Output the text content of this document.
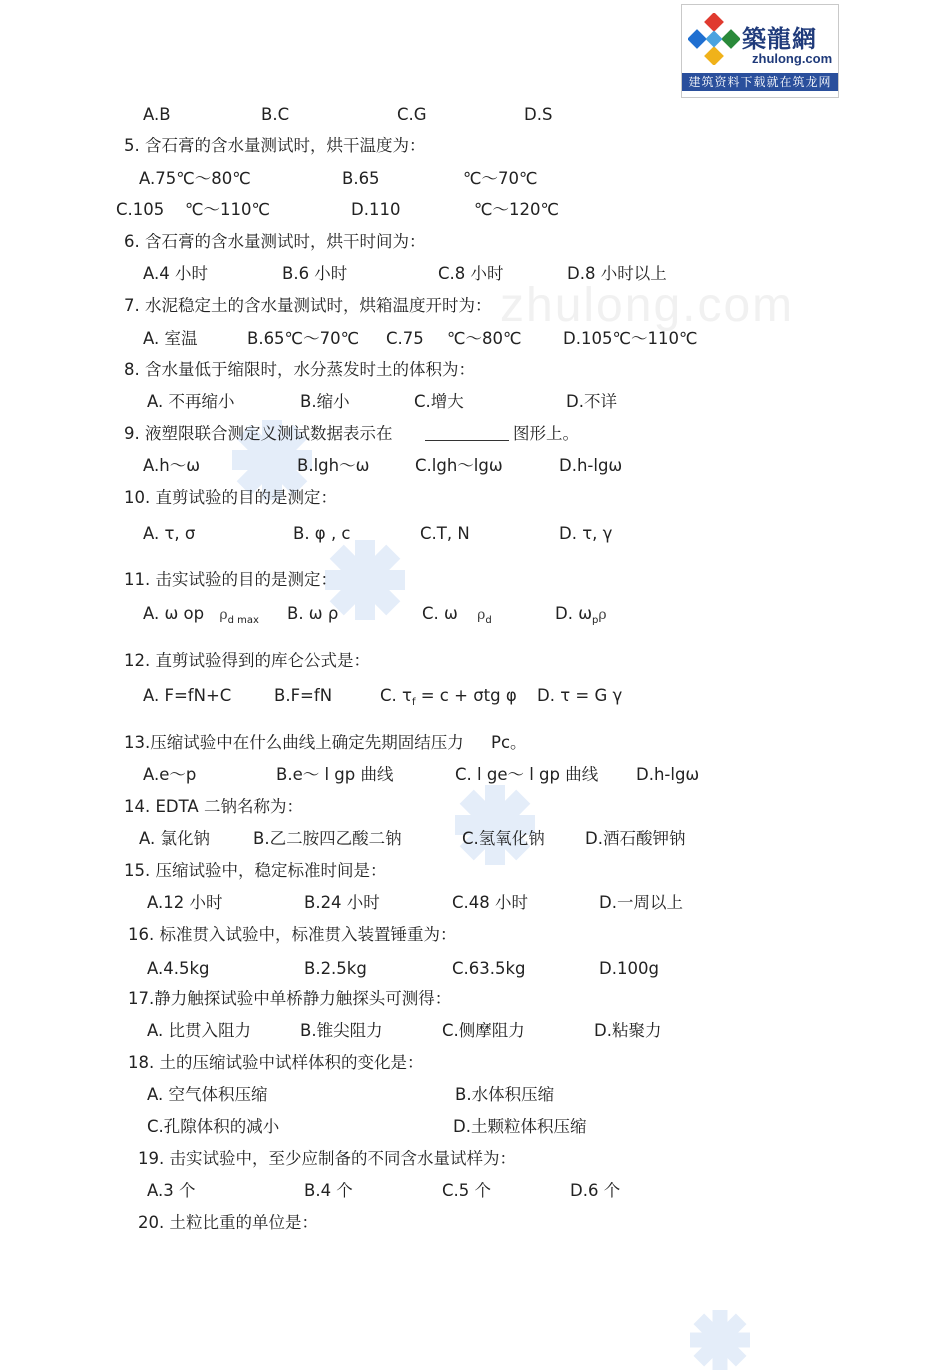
zhulong.com
築龍網
zhulong.com
建筑资料下载就在筑龙网
A.B	B.C	C.G	D.S
5. 含石膏的含水量测试时，烘干温度为：
A.75℃～80℃	B.65	℃～70℃
C.105 ℃～110℃	D.110	℃～120℃
6. 含石膏的含水量测试时，烘干时间为：
A.4 小时	B.6 小时	C.8 小时	D.8 小时以上
7. 水泥稳定土的含水量测试时，烘箱温度开时为：
A. 室温	B.65℃～70℃ C.75 ℃～80℃	D.105℃～110℃
8. 含水量低于缩限时，水分蒸发时土的体积为：
A. 不再缩小	B.缩小	C.增大	D.不详
9. 液塑限联合测定义测试数据表示在	图形上。
A.h～ω	B.lgh～ω	C.lgh～lgω	D.h-lgω
10. 直剪试验的目的是测定：
A. τ, σ	B. φ , c	C.T, N	D. τ, γ
11. 击实试验的目的是测定：
A. ω op $\rho_{d max}$ B. ω ρ	C. ω $\rho_d$	D. $\omega_p\rho$
12. 直剪试验得到的库仑公式是：
A. F=fN+C	B.F=fN	C. $\tau_f = c + \sigma tg$ φ D. τ = G γ
13.压缩试验中在什么曲线上确定先期固结压力 Pc。
A.e～p	B.e～ l gp 曲线	C. l ge～ l gp 曲线 D.h-lgω
14. EDTA 二钠名称为：
A. 氯化钠	B.乙二胺四乙酸二钠	C.氢氧化钠 D.酒石酸钾钠
15. 压缩试验中，稳定标准时间是：
A.12 小时	B.24 小时	C.48 小时	D.一周以上
16. 标准贯入试验中，标准贯入装置锤重为：
A.4.5kg	B.2.5kg	C.63.5kg	D.100g
17.静力触探试验中单桥静力触探头可测得：
A. 比贯入阻力	B.锥尖阻力	C.侧摩阻力	D.粘聚力
18. 土的压缩试验中试样体积的变化是：
A. 空气体积压缩	B.水体积压缩
C.孔隙体积的减小	D.土颗粒体积压缩
19. 击实试验中，至少应制备的不同含水量试样为：
A.3 个	B.4 个	C.5 个	D.6 个
20. 土粒比重的单位是：
